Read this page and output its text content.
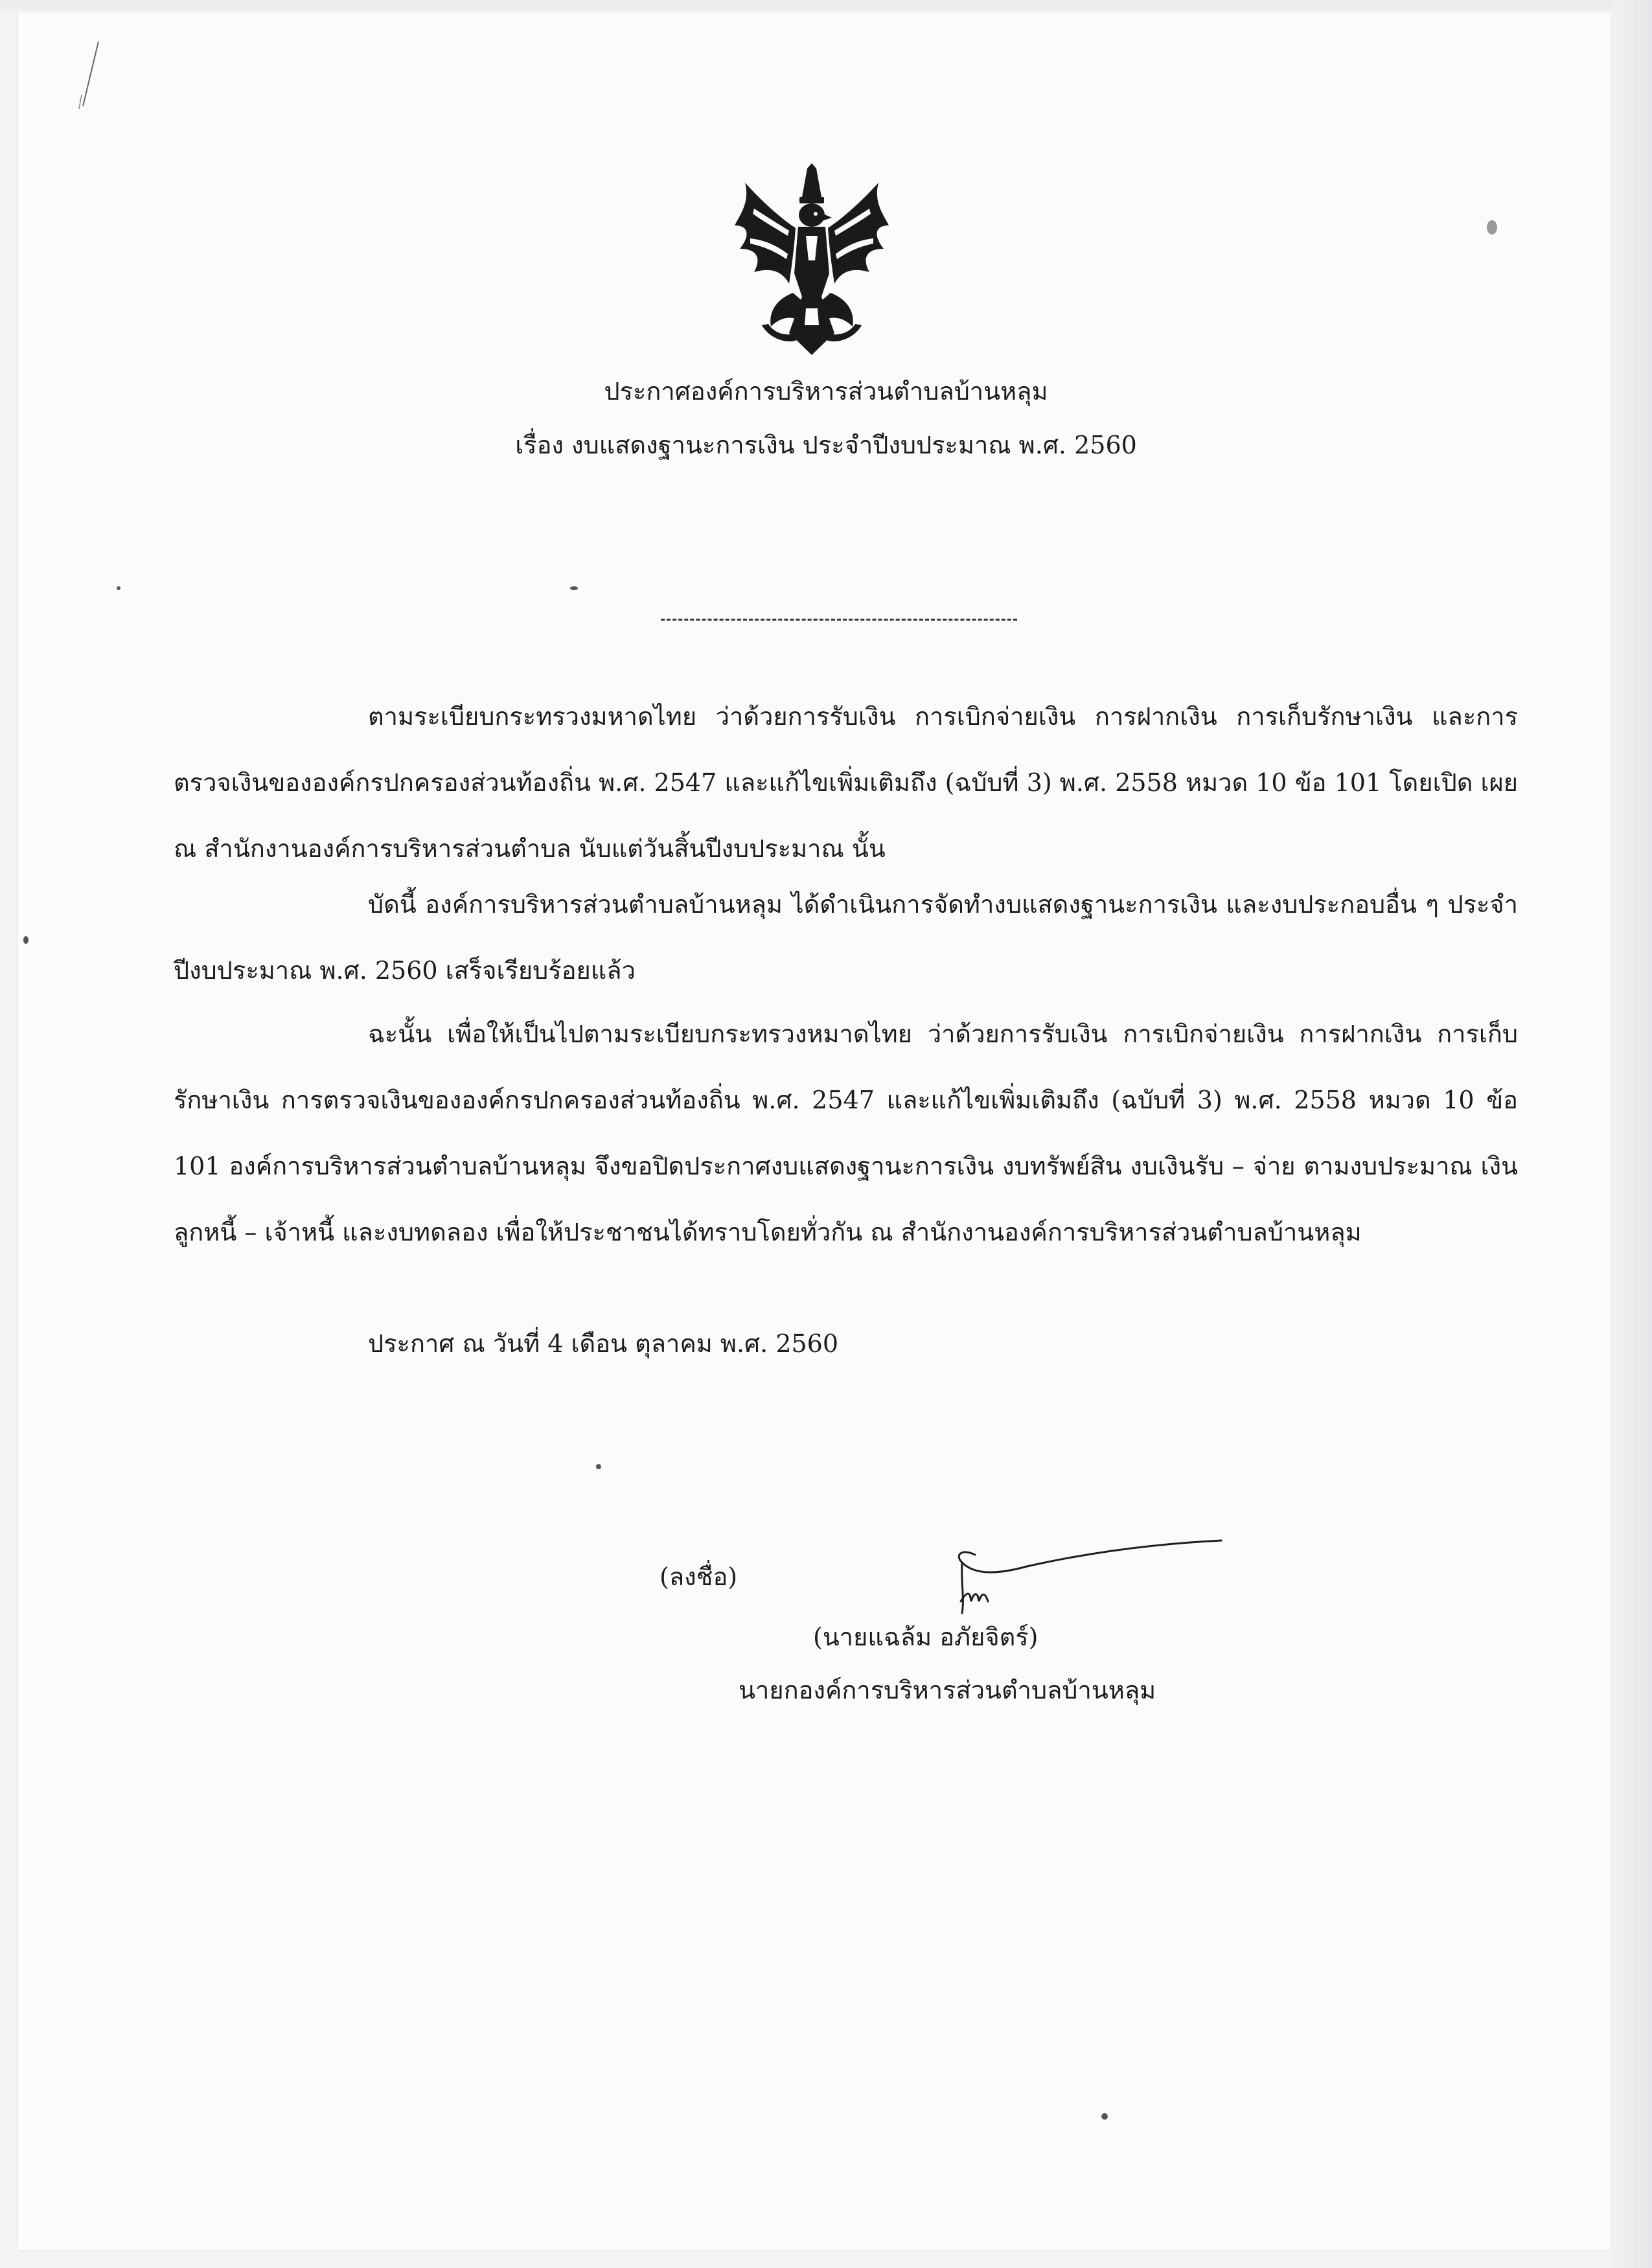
ประกาศองค์การบริหารส่วนตำบลบ้านหลุม
เรื่อง งบแสดงฐานะการเงิน ประจำปีงบประมาณ พ.ศ. 2560
ตามระเบียบกระทรวงมหาดไทย ว่าด้วยการรับเงิน การเบิกจ่ายเงิน การฝากเงิน การเก็บรักษาเงิน และการตรวจเงินขององค์กรปกครองส่วนท้องถิ่น พ.ศ. 2547 และแก้ไขเพิ่มเติมถึง (ฉบับที่ 3) พ.ศ. 2558 หมวด 10 ข้อ 101 โดยเปิด เผย ณ สำนักงานองค์การบริหารส่วนตำบล นับแต่วันสิ้นปีงบประมาณ นั้น
บัดนี้ องค์การบริหารส่วนตำบลบ้านหลุม ได้ดำเนินการจัดทำงบแสดงฐานะการเงิน และงบประกอบอื่น ๆ ประจำปีงบประมาณ พ.ศ. 2560 เสร็จเรียบร้อยแล้ว
ฉะนั้น เพื่อให้เป็นไปตามระเบียบกระทรวงหมาดไทย ว่าด้วยการรับเงิน การเบิกจ่ายเงิน การฝากเงิน การเก็บรักษาเงิน การตรวจเงินขององค์กรปกครองส่วนท้องถิ่น พ.ศ. 2547 และแก้ไขเพิ่มเติมถึง (ฉบับที่ 3) พ.ศ. 2558 หมวด 10 ข้อ 101 องค์การบริหารส่วนตำบลบ้านหลุม จึงขอปิดประกาศงบแสดงฐานะการเงิน งบทรัพย์สิน งบเงินรับ – จ่าย ตามงบประมาณ เงินลูกหนี้ – เจ้าหนี้ และงบทดลอง เพื่อให้ประชาชนได้ทราบโดยทั่วกัน ณ สำนักงานองค์การบริหารส่วนตำบลบ้านหลุม
ประกาศ ณ วันที่ 4 เดือน ตุลาคม พ.ศ. 2560
(ลงชื่อ)
(นายแฉล้ม อภัยจิตร์)
นายกองค์การบริหารส่วนตำบลบ้านหลุม
